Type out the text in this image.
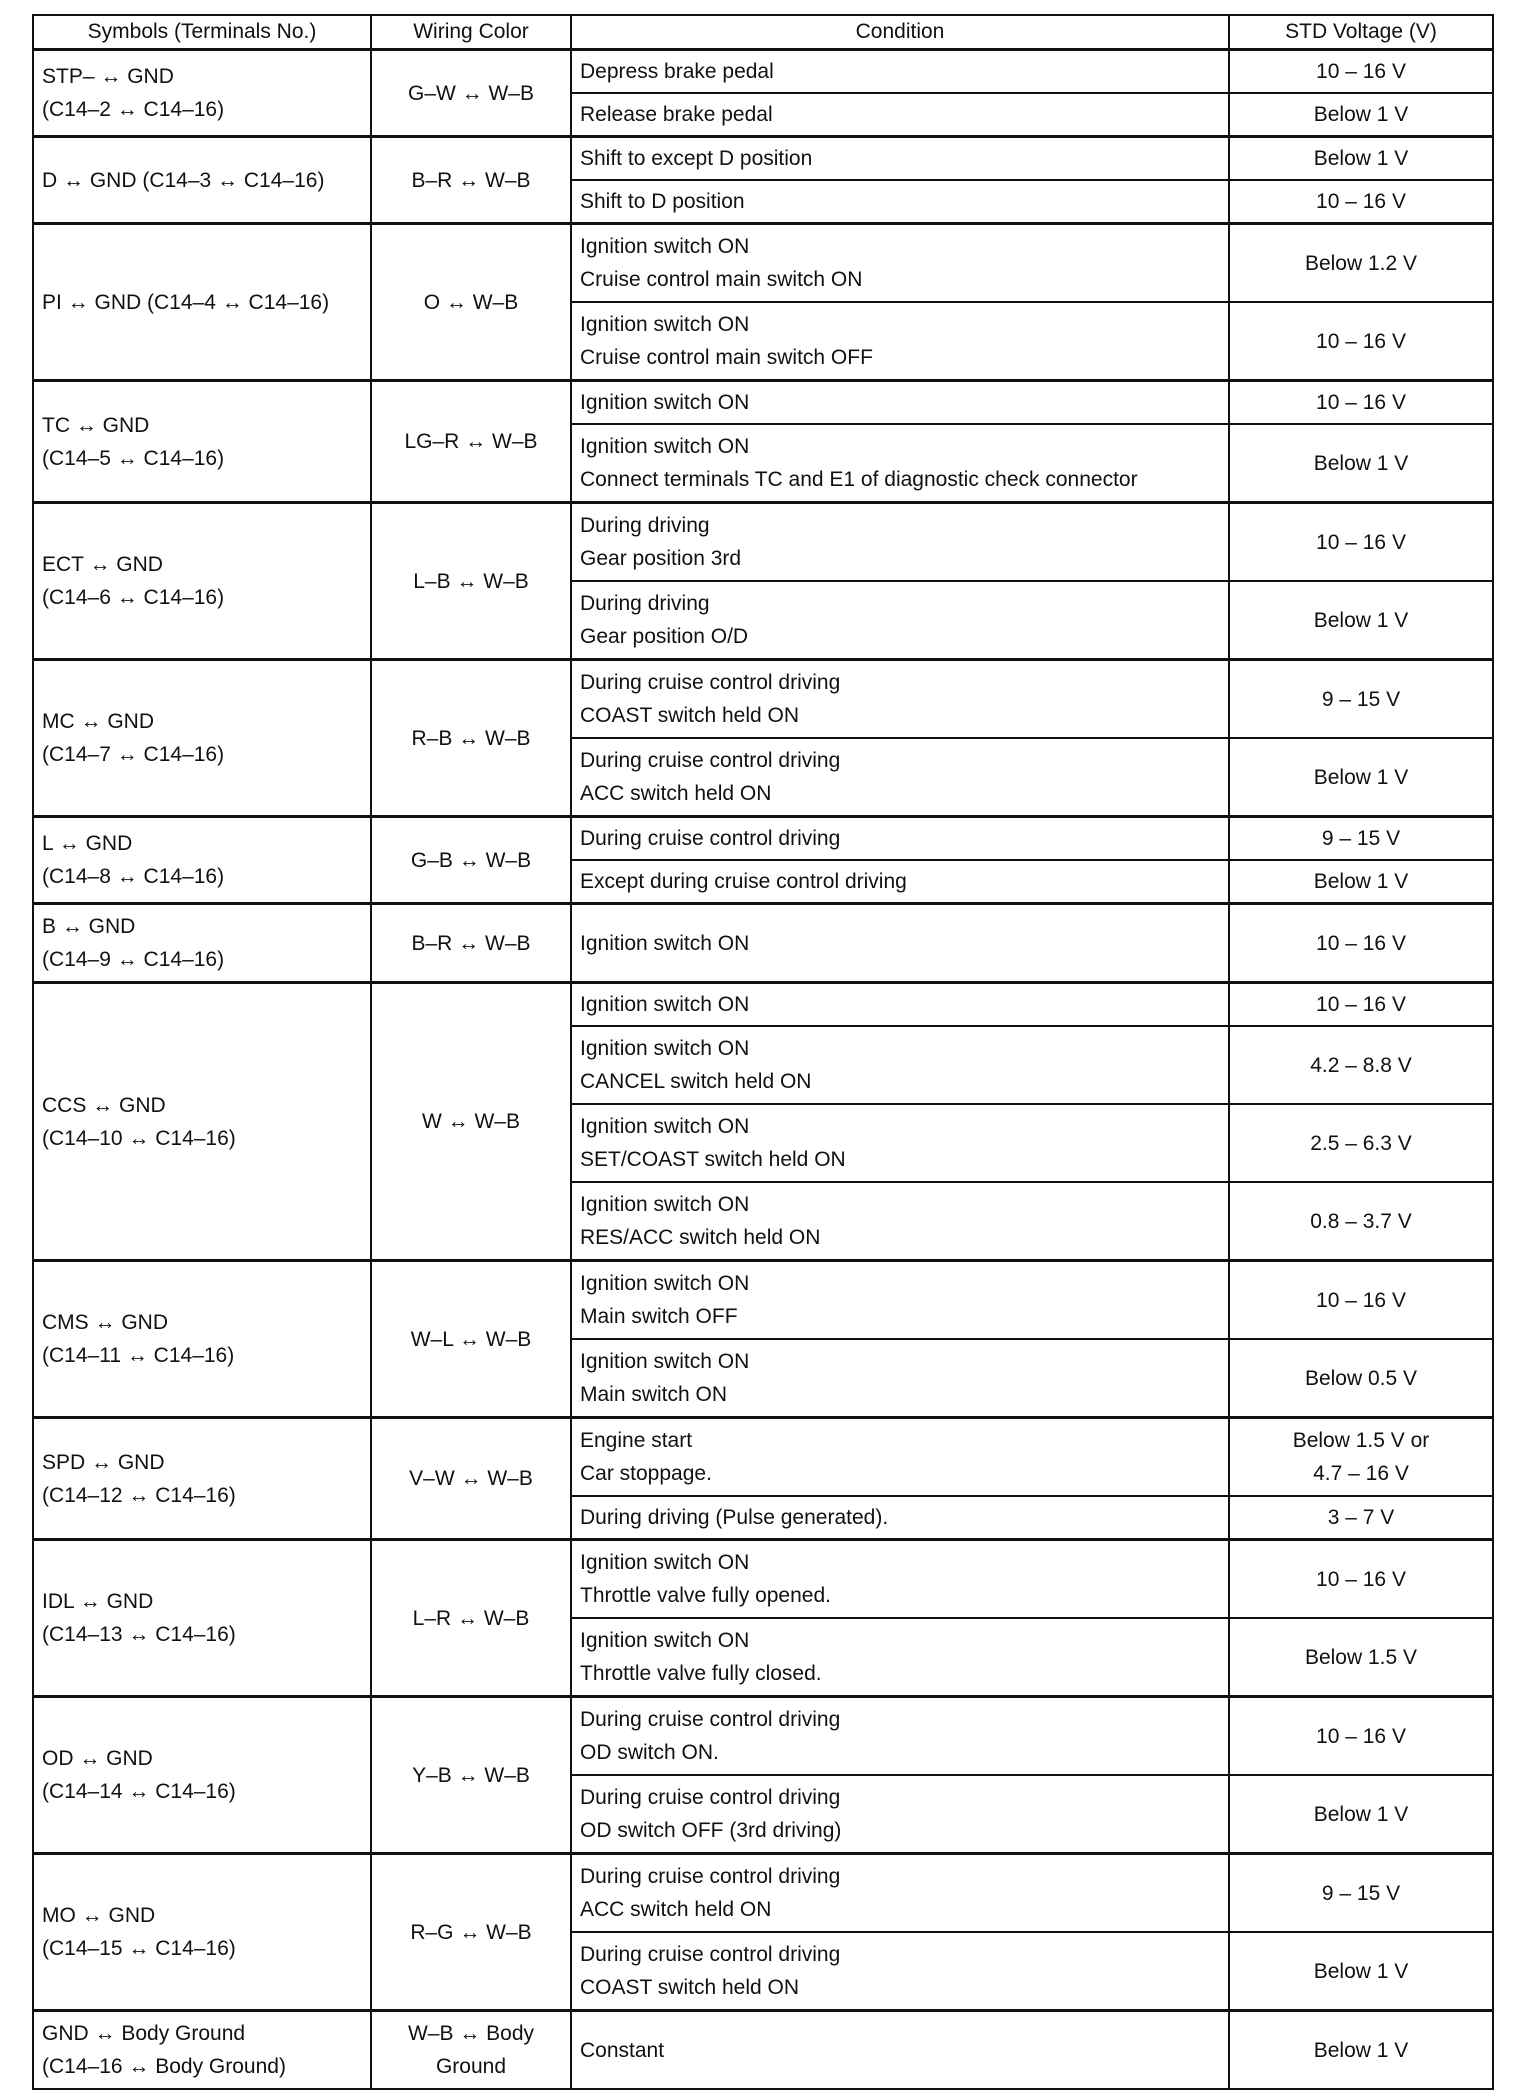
Symbols (Terminals No.)	Wiring Color	Condition	STD Voltage (V)

STP– ↔ GND
(C14–2 ↔ C14–16)	G–W ↔ W–B	Depress brake pedal	10 – 16 V

		Release brake pedal	Below 1 V

D ↔ GND (C14–3 ↔ C14–16)	B–R ↔ W–B	Shift to except D position	Below 1 V

		Shift to D position	10 – 16 V

PI ↔ GND (C14–4 ↔ C14–16)	O ↔ W–B	Ignition switch ON
Cruise control main switch ON	Below 1.2 V

		Ignition switch ON
Cruise control main switch OFF	10 – 16 V

TC ↔ GND
(C14–5 ↔ C14–16)	LG–R ↔ W–B	Ignition switch ON	10 – 16 V

		Ignition switch ON
Connect terminals TC and E1 of diagnostic check connector	Below 1 V

ECT ↔ GND
(C14–6 ↔ C14–16)	L–B ↔ W–B	During driving
Gear position 3rd	10 – 16 V

		During driving
Gear position O/D	Below 1 V

MC ↔ GND
(C14–7 ↔ C14–16)	R–B ↔ W–B	During cruise control driving
COAST switch held ON	9 – 15 V

		During cruise control driving
ACC switch held ON	Below 1 V

L ↔ GND
(C14–8 ↔ C14–16)	G–B ↔ W–B	During cruise control driving	9 – 15 V

		Except during cruise control driving	Below 1 V

B ↔ GND
(C14–9 ↔ C14–16)	B–R ↔ W–B	Ignition switch ON	10 – 16 V

CCS ↔ GND
(C14–10 ↔ C14–16)	W ↔ W–B	Ignition switch ON	10 – 16 V

		Ignition switch ON
CANCEL switch held ON	4.2 – 8.8 V

		Ignition switch ON
SET/COAST switch held ON	2.5 – 6.3 V

		Ignition switch ON
RES/ACC switch held ON	0.8 – 3.7 V

CMS ↔ GND
(C14–11 ↔ C14–16)	W–L ↔ W–B	Ignition switch ON
Main switch OFF	10 – 16 V

		Ignition switch ON
Main switch ON	Below 0.5 V

SPD ↔ GND
(C14–12 ↔ C14–16)	V–W ↔ W–B	Engine start
Car stoppage.	Below 1.5 V or
4.7 – 16 V

		During driving (Pulse generated).	3 – 7 V

IDL ↔ GND
(C14–13 ↔ C14–16)	L–R ↔ W–B	Ignition switch ON
Throttle valve fully opened.	10 – 16 V

		Ignition switch ON
Throttle valve fully closed.	Below 1.5 V

OD ↔ GND
(C14–14 ↔ C14–16)	Y–B ↔ W–B	During cruise control driving
OD switch ON.	10 – 16 V

		During cruise control driving
OD switch OFF (3rd driving)	Below 1 V

MO ↔ GND
(C14–15 ↔ C14–16)	R–G ↔ W–B	During cruise control driving
ACC switch held ON	9 – 15 V

		During cruise control driving
COAST switch held ON	Below 1 V

GND ↔ Body Ground
(C14–16 ↔ Body Ground)	W–B ↔ Body
Ground	Constant	Below 1 V
